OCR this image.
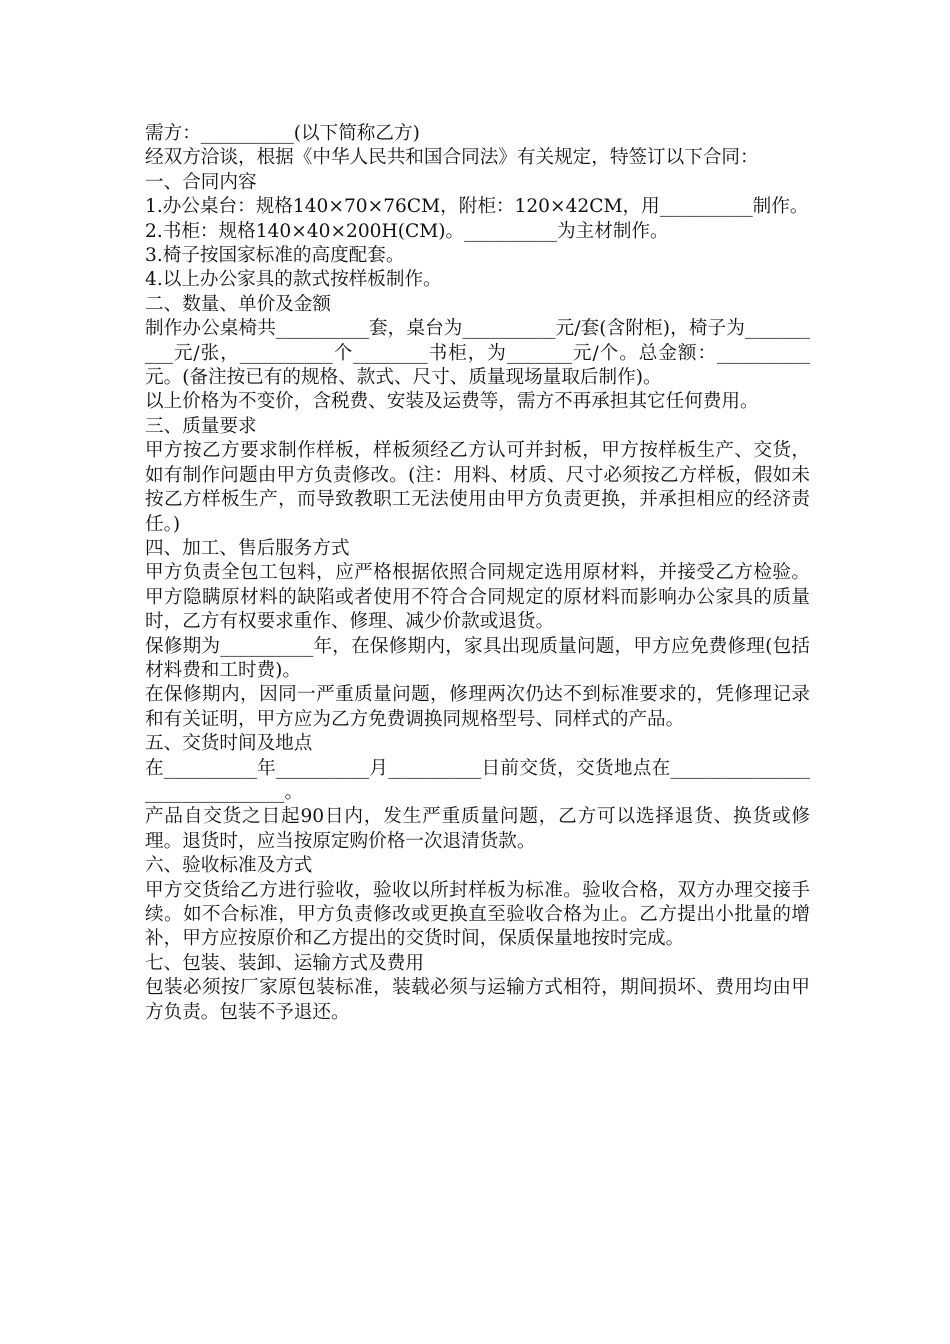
需方：__________(以下简称乙方)

经双方洽谈，根据《中华人民共和国合同法》有关规定，特签订以下合同：

一、合同内容

1.办公桌台：规格140×70×76CM，附柜：120×42CM，用__________制作。

2.书柜：规格140×40×200H(CM)。__________为主材制作。

3.椅子按国家标准的高度配套。

4.以上办公家具的款式按样板制作。

二、数量、单价及金额

制作办公桌椅共__________套，桌台为__________元/套(含附柜)，椅子为__________元/张，__________个________书柜，为_______元/个。总金额：__________元。(备注按已有的规格、款式、尺寸、质量现场量取后制作)。

以上价格为不变价，含税费、安装及运费等，需方不再承担其它任何费用。

三、质量要求

甲方按乙方要求制作样板，样板须经乙方认可并封板，甲方按样板生产、交货，如有制作问题由甲方负责修改。(注：用料、材质、尺寸必须按乙方样板，假如未按乙方样板生产，而导致教职工无法使用由甲方负责更换，并承担相应的经济责任。)

四、加工、售后服务方式

甲方负责全包工包料，应严格根据依照合同规定选用原材料，并接受乙方检验。甲方隐瞒原材料的缺陷或者使用不符合合同规定的原材料而影响办公家具的质量时，乙方有权要求重作、修理、减少价款或退货。

保修期为__________年，在保修期内，家具出现质量问题，甲方应免费修理(包括材料费和工时费)。

在保修期内，因同一严重质量问题，修理两次仍达不到标准要求的，凭修理记录和有关证明，甲方应为乙方免费调换同规格型号、同样式的产品。

五、交货时间及地点

在__________年__________月__________日前交货，交货地点在______________________________。

产品自交货之日起90日内，发生严重质量问题，乙方可以选择退货、换货或修理。退货时，应当按原定购价格一次退清货款。

六、验收标准及方式

甲方交货给乙方进行验收，验收以所封样板为标准。验收合格，双方办理交接手续。如不合标准，甲方负责修改或更换直至验收合格为止。乙方提出小批量的增补，甲方应按原价和乙方提出的交货时间，保质保量地按时完成。

七、包装、装卸、运输方式及费用

包装必须按厂家原包装标准，装载必须与运输方式相符，期间损坏、费用均由甲方负责。包装不予退还。
